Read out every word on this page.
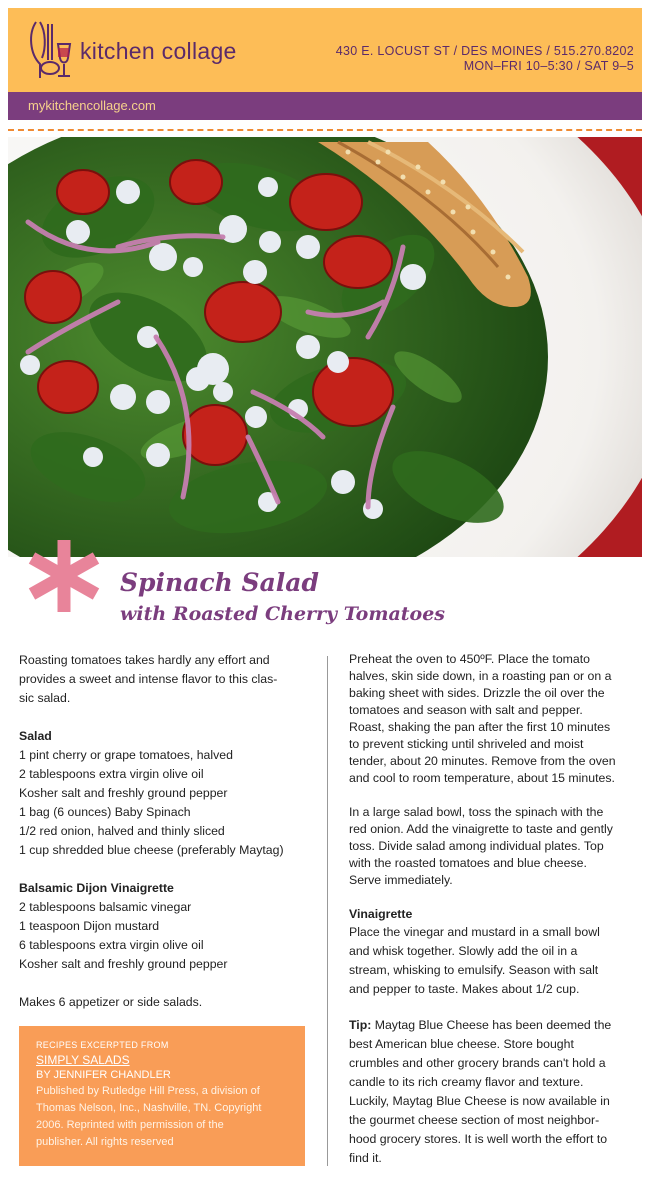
kitchen collage	430 E. LOCUST ST / DES MOINES / 515.270.8202
MON–FRI 10–5:30 / SAT 9–5
mykitchencollage.com
Spinach Salad
with Roasted Cherry Tomatoes

Roasting tomatoes takes hardly any effort and

provides a sweet and intense flavor to this clas-

sic salad.

Salad

1 pint cherry or grape tomatoes, halved

2 tablespoons extra virgin olive oil

Kosher salt and freshly ground pepper

1 bag (6 ounces) Baby Spinach

1/2 red onion, halved and thinly sliced

1 cup shredded blue cheese (preferably Maytag)

Balsamic Dijon Vinaigrette

2 tablespoons balsamic vinegar

1 teaspoon Dijon mustard

6 tablespoons extra virgin olive oil

Kosher salt and freshly ground pepper

Makes 6 appetizer or side salads.

Preheat the oven to 450ºF. Place the tomato

halves, skin side down, in a roasting pan or on a

baking sheet with sides. Drizzle the oil over the

tomatoes and season with salt and pepper.

Roast, shaking the pan after the first 10 minutes

to prevent sticking until shriveled and moist

tender, about 20 minutes. Remove from the oven

and cool to room temperature, about 15 minutes.

In a large salad bowl, toss the spinach with the

red onion. Add the vinaigrette to taste and gently

toss. Divide salad among individual plates. Top

with the roasted tomatoes and blue cheese.

Serve immediately.

Vinaigrette

Place the vinegar and mustard in a small bowl

and whisk together. Slowly add the oil in a

stream, whisking to emulsify. Season with salt

and pepper to taste. Makes about 1/2 cup.

Tip: Maytag Blue Cheese has been deemed the

best American blue cheese. Store bought

crumbles and other grocery brands can't hold a

candle to its rich creamy flavor and texture.

Luckily, Maytag Blue Cheese is now available in

the gourmet cheese section of most neighbor-

hood grocery stores. It is well worth the effort to

find it.

RECIPES EXCERPTED FROM
SIMPLY SALADS
BY JENNIFER CHANDLER
Published by Rutledge Hill Press, a division of
Thomas Nelson, Inc., Nashville, TN. Copyright
2006. Reprinted with permission of the
publisher. All rights reserved
